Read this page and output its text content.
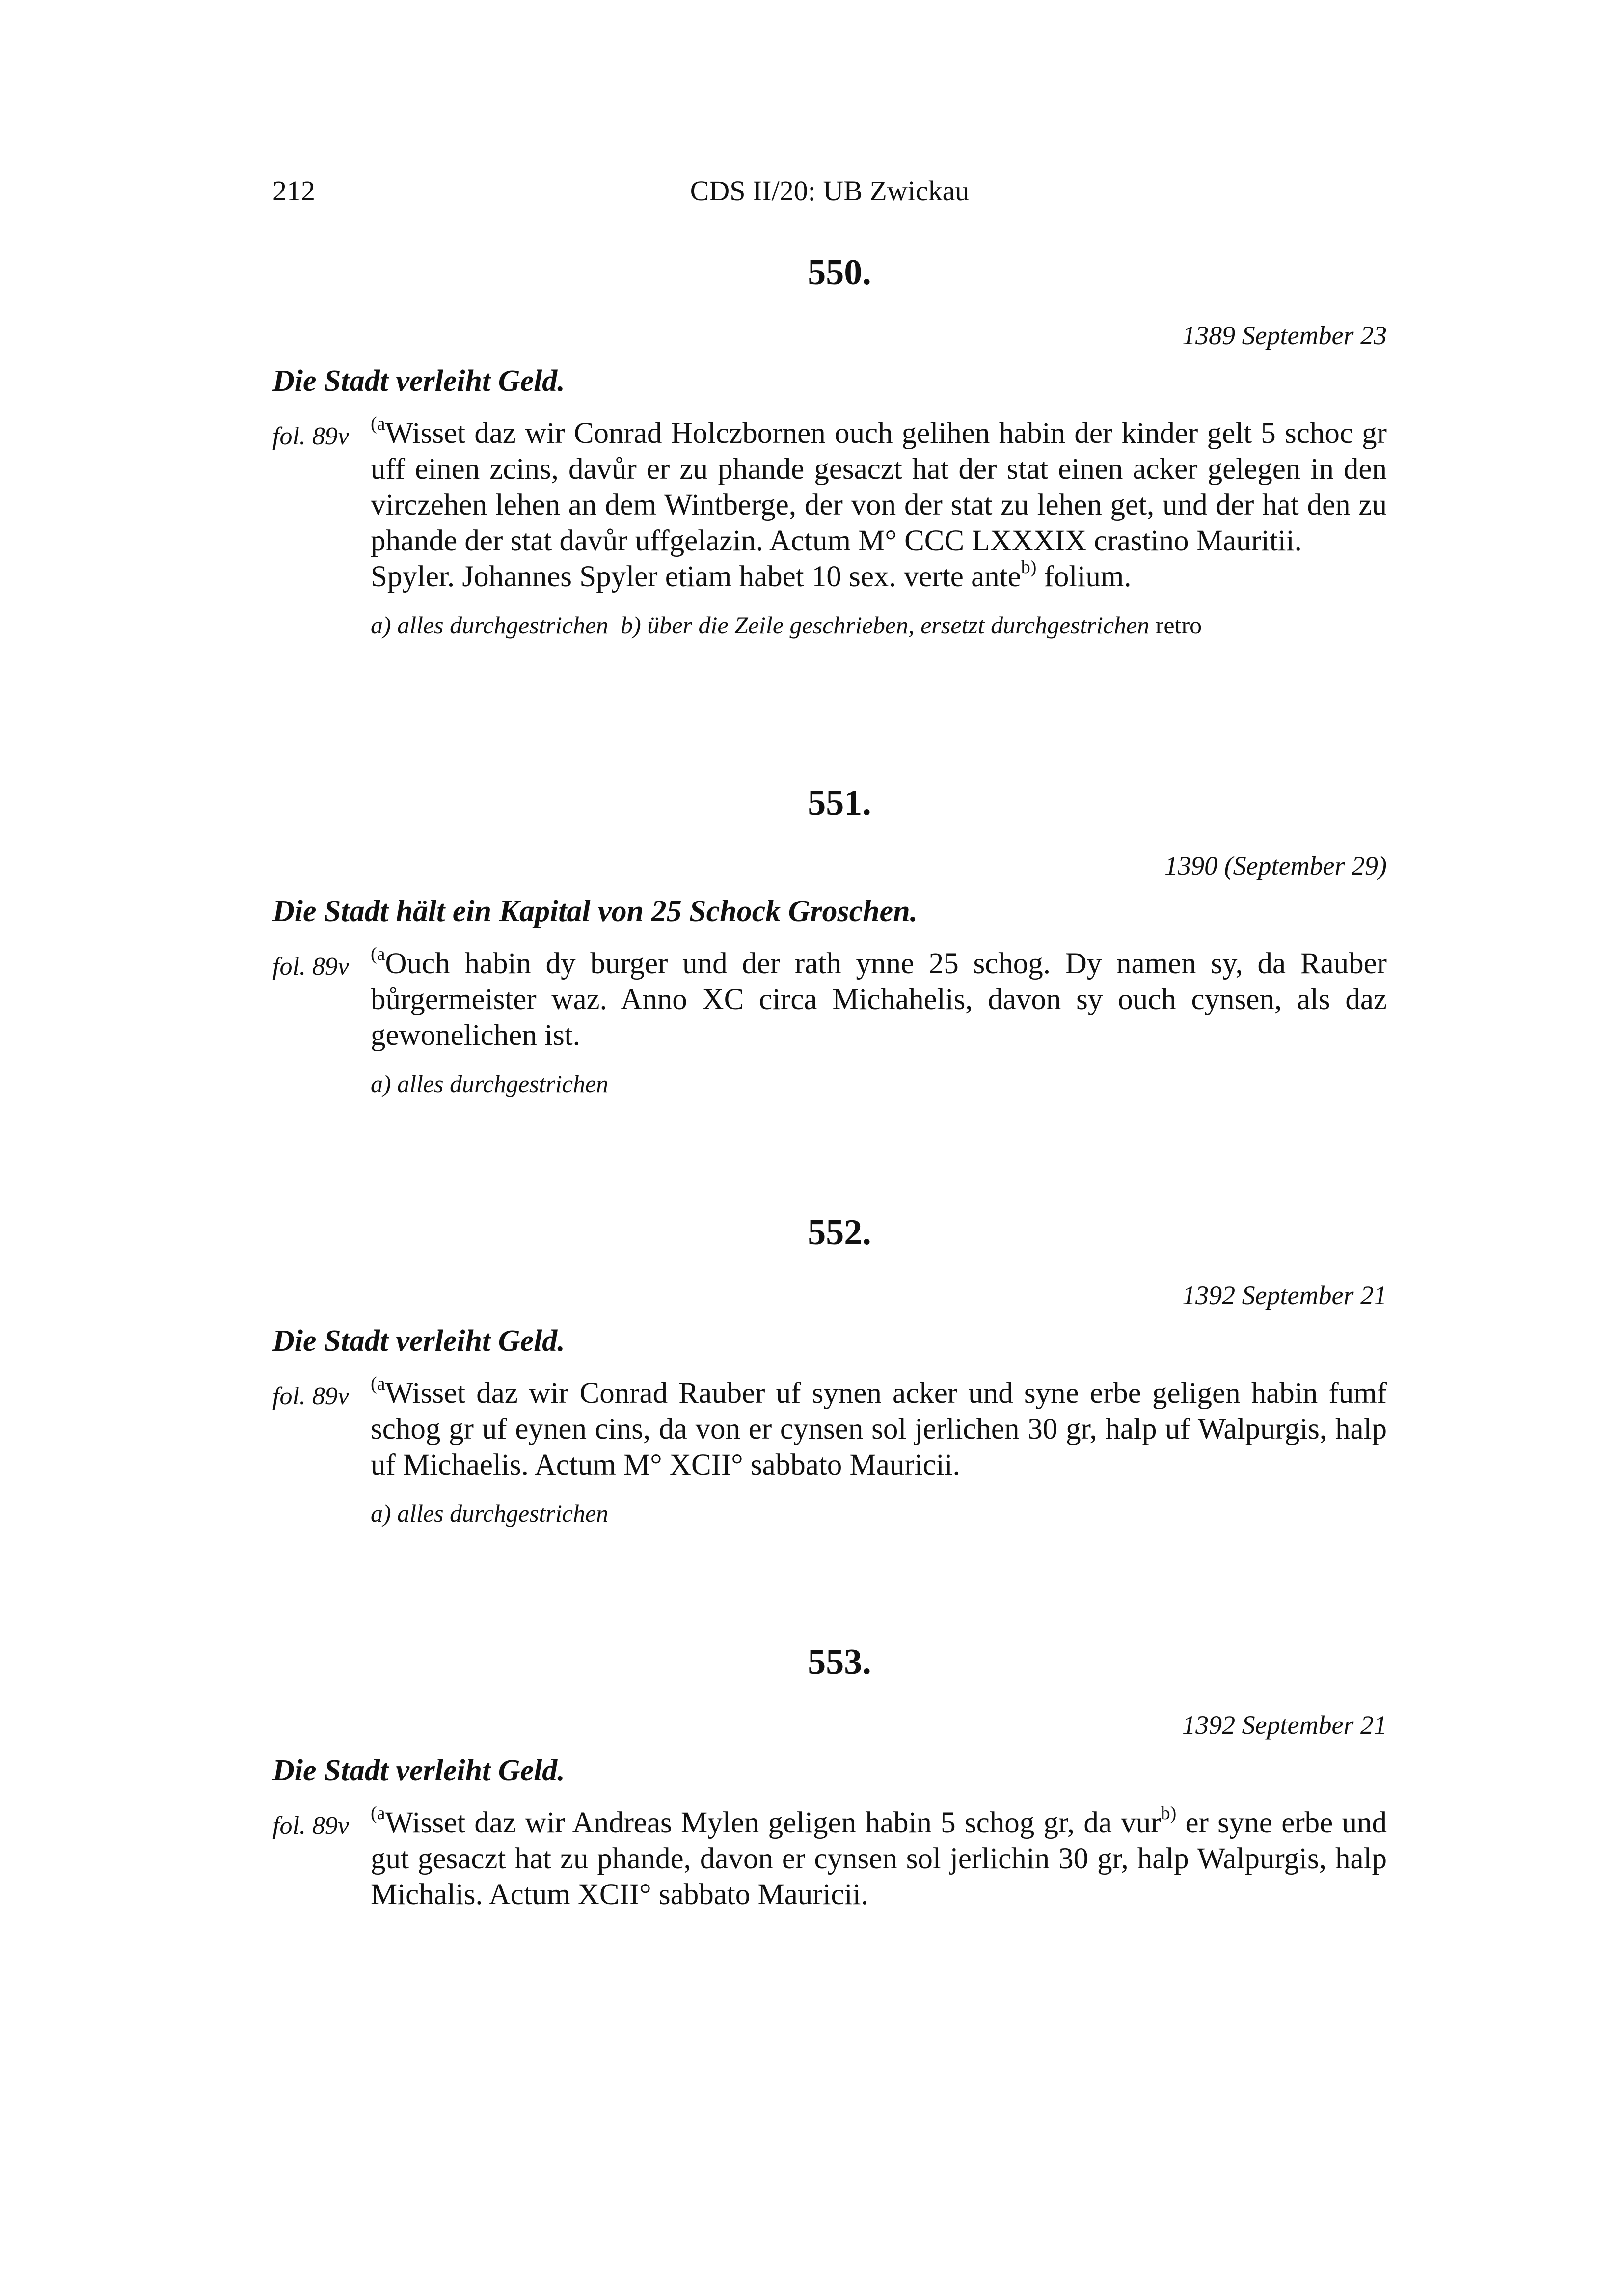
212	CDS II/20: UB Zwickau
550.
1389 September 23
Die Stadt verleiht Geld.
fol. 89v $^{(a}$Wisset daz wir Conrad Holczbornen ouch gelihen habin der kinder gelt 5 schoc gr uff einen zcins, davůr er zu phande gesaczt hat der stat einen acker gelegen in den virczehen lehen an dem Wintberge, der von der stat zu lehen get, und der hat den zu phande der stat davůr uffgelazin. Actum M° CCC LXXXIX crastino Mauritii.
Spyler. Johannes Spyler etiam habet 10 sex. verte ante$^{b)}$ folium.
a) alles durchgestrichen b) über die Zeile geschrieben, ersetzt durchgestrichen retro
551.
1390 (September 29)
Die Stadt hält ein Kapital von 25 Schock Groschen.
fol. 89v $^{(a}$Ouch habin dy burger und der rath ynne 25 schog. Dy namen sy, da Rauber bůrgermeister waz. Anno XC circa Michahelis, davon sy ouch cynsen, als daz gewonelichen ist.
a) alles durchgestrichen
552.
1392 September 21
Die Stadt verleiht Geld.
fol. 89v $^{(a}$Wisset daz wir Conrad Rauber uf synen acker und syne erbe geligen habin fumf schog gr uf eynen cins, da von er cynsen sol jerlichen 30 gr, halp uf Walpurgis, halp uf Michaelis. Actum M° XCII° sabbato Mauricii.
a) alles durchgestrichen
553.
1392 September 21
Die Stadt verleiht Geld.
fol. 89v $^{(a}$Wisset daz wir Andreas Mylen geligen habin 5 schog gr, da vur$^{b)}$ er syne erbe und gut gesaczt hat zu phande, davon er cynsen sol jerlichin 30 gr, halp Walpurgis, halp Michalis. Actum XCII° sabbato Mauricii.
